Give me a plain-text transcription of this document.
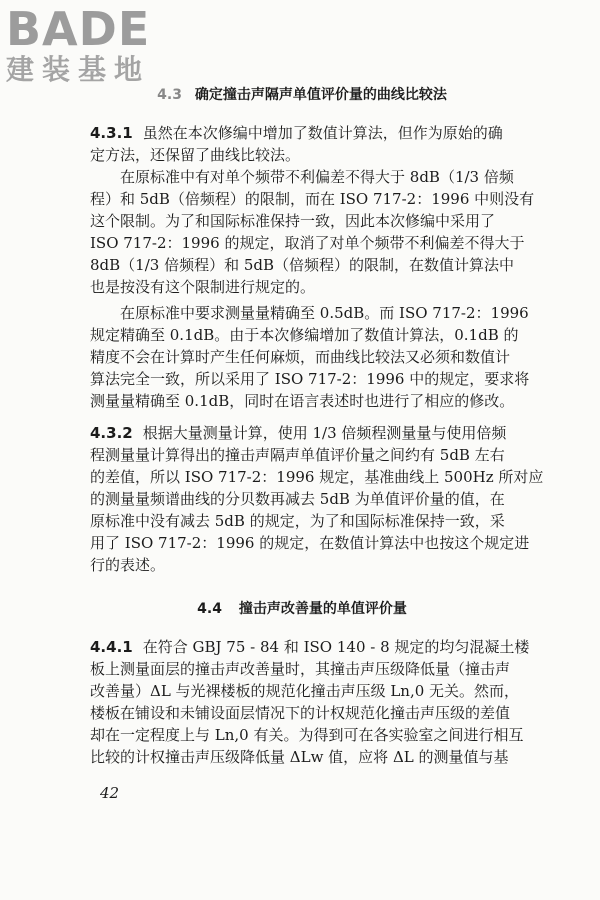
BADE
建装基地
4.3 确定撞击声隔声单值评价量的曲线比较法
4.3.1 虽然在本次修编中增加了数值计算法，但作为原始的确
定方法，还保留了曲线比较法。
在原标准中有对单个频带不利偏差不得大于 8dB（1/3 倍频
程）和 5dB（倍频程）的限制，而在 ISO 717-2：1996 中则没有
这个限制。为了和国际标准保持一致，因此本次修编中采用了
ISO 717-2：1996 的规定，取消了对单个频带不利偏差不得大于
8dB（1/3 倍频程）和 5dB（倍频程）的限制，在数值计算法中
也是按没有这个限制进行规定的。
在原标准中要求测量量精确至 0.5dB。而 ISO 717-2：1996
规定精确至 0.1dB。由于本次修编增加了数值计算法，0.1dB 的
精度不会在计算时产生任何麻烦，而曲线比较法又必须和数值计
算法完全一致，所以采用了 ISO 717-2：1996 中的规定，要求将
测量量精确至 0.1dB，同时在语言表述时也进行了相应的修改。
4.3.2 根据大量测量计算，使用 1/3 倍频程测量量与使用倍频
程测量量计算得出的撞击声隔声单值评价量之间约有 5dB 左右
的差值，所以 ISO 717-2：1996 规定，基准曲线上 500Hz 所对应
的测量量频谱曲线的分贝数再减去 5dB 为单值评价量的值，在
原标准中没有减去 5dB 的规定，为了和国际标准保持一致，采
用了 ISO 717-2：1996 的规定，在数值计算法中也按这个规定进
行的表述。
4.4 撞击声改善量的单值评价量
4.4.1 在符合 GBJ 75 - 84 和 ISO 140 - 8 规定的均匀混凝土楼
板上测量面层的撞击声改善量时，其撞击声压级降低量（撞击声
改善量）ΔL 与光裸楼板的规范化撞击声压级 Ln,0 无关。然而，
楼板在铺设和未铺设面层情况下的计权规范化撞击声压级的差值
却在一定程度上与 Ln,0 有关。为得到可在各实验室之间进行相互
比较的计权撞击声压级降低量 ΔLw 值，应将 ΔL 的测量值与基
42
